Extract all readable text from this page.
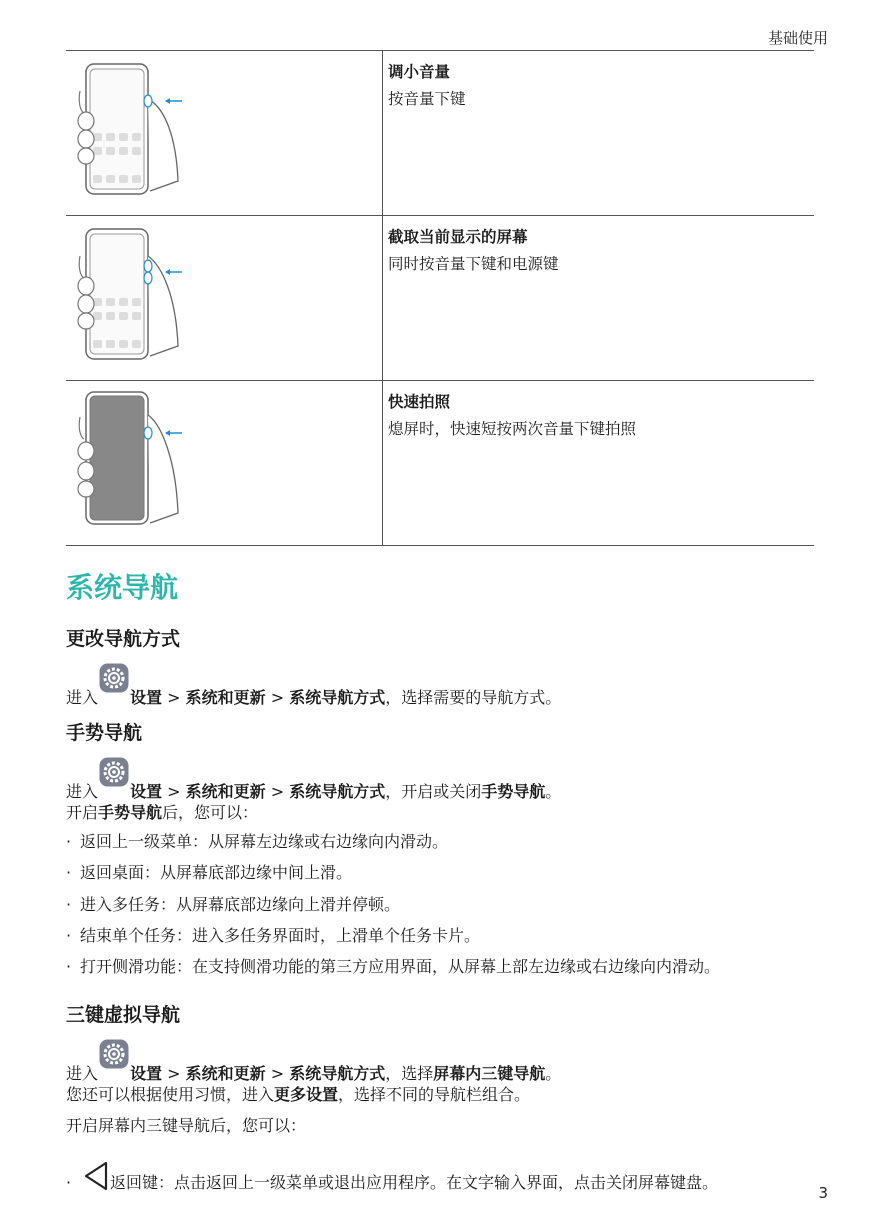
基础使用

调小音量
按音量下键

截取当前显示的屏幕
同时按音量下键和电源键

快速拍照
熄屏时，快速短按两次音量下键拍照
系统导航
更改导航方式
进入 设置 > 系统和更新 > 系统导航方式，选择需要的导航方式。
手势导航
进入 设置 > 系统和更新 > 系统导航方式，开启或关闭手势导航。
开启手势导航后，您可以：
· 返回上一级菜单：从屏幕左边缘或右边缘向内滑动。
· 返回桌面：从屏幕底部边缘中间上滑。
· 进入多任务：从屏幕底部边缘向上滑并停顿。
· 结束单个任务：进入多任务界面时，上滑单个任务卡片。
· 打开侧滑功能：在支持侧滑功能的第三方应用界面，从屏幕上部左边缘或右边缘向内滑动。
三键虚拟导航
进入 设置 > 系统和更新 > 系统导航方式，选择屏幕内三键导航。
您还可以根据使用习惯，进入更多设置，选择不同的导航栏组合。
开启屏幕内三键导航后，您可以：
· 返回键：点击返回上一级菜单或退出应用程序。在文字输入界面，点击关闭屏幕键盘。
3
